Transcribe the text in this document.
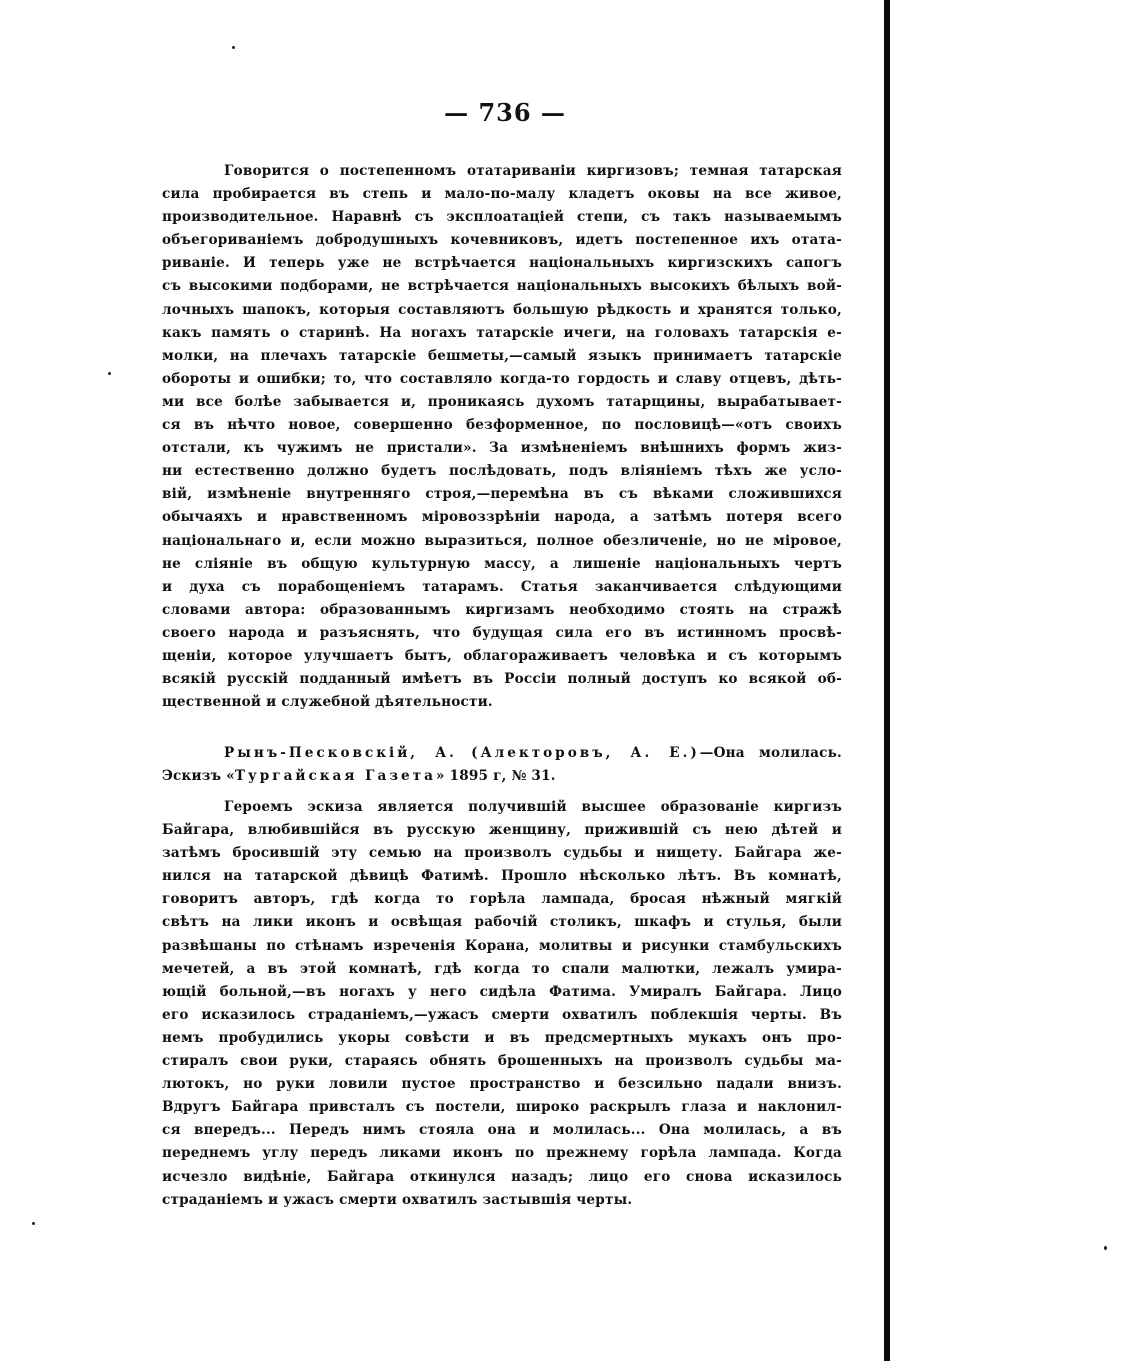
— 736 —
Говорится о постепенномъ отатариванiи киргизовъ; темная татарская
сила пробирается въ степь и мало-по-малу кладетъ оковы на все живое,
производительное. Наравнѣ съ эксплоатацiей степи, съ такъ называемымъ
объегориванiемъ добродушныхъ кочевниковъ, идетъ постепенное ихъ отата-
риванiе. И теперь уже не встрѣчается нацiональныхъ киргизскихъ сапогъ
съ высокими подборами, не встрѣчается нацiональныхъ высокихъ бѣлыхъ вой-
лочныхъ шапокъ, которыя составляютъ большую рѣдкость и хранятся только,
какъ память о старинѣ. На ногахъ татарскiе ичеги, на головахъ татарскiя е-
молки, на плечахъ татарскiе бешметы,—самый языкъ принимаетъ татарскiе
обороты и ошибки; то, что составляло когда-то гордость и славу отцевъ, дѣть-
ми все болѣе забывается и, проникаясь духомъ татарщины, вырабатывает-
ся въ нѣчто новое, совершенно безформенное, по пословицѣ—«отъ своихъ
отстали, къ чужимъ не пристали». За измѣненiемъ внѣшнихъ формъ жиз-
ни естественно должно будетъ послѣдовать, подъ влiянiемъ тѣхъ же усло-
вiй, измѣненiе внутренняго строя,—перемѣна въ съ вѣками сложившихся
обычаяхъ и нравственномъ мiровоззрѣнiи народа, а затѣмъ потеря всего
нацiональнаго и, если можно выразиться, полное обезличенiе, но не мiровое,
не слiянiе въ общую культурную массу, а лишенiе нацiональныхъ чертъ
и духа съ порабощенiемъ татарамъ. Статья заканчивается слѣдующими
словами автора: образованнымъ киргизамъ необходимо стоять на стражѣ
своего народа и разъяснять, что будущая сила его въ истинномъ просвѣ-
щенiи, которое улучшаетъ бытъ, облагораживаетъ человѣка и съ которымъ
всякiй русскiй подданный имѣетъ въ Россiи полный доступъ ко всякой об-
щественной и служебной дѣятельности.
Рынъ-Песковскiй, А. (Алекторовъ, А. Е.)—Она молилась.
Эскизъ «Тургайская Газета» 1895 г, № 31.
Героемъ эскиза является получившiй высшее образованiе киргизъ
Байгара, влюбившiйся въ русскую женщину, прижившiй съ нею дѣтей и
затѣмъ бросившiй эту семью на произволъ судьбы и нищету. Байгара же-
нился на татарской дѣвицѣ Фатимѣ. Прошло нѣсколько лѣтъ. Въ комнатѣ,
говоритъ авторъ, гдѣ когда то горѣла лампада, бросая нѣжный мягкiй
свѣтъ на лики иконъ и освѣщая рабочiй столикъ, шкафъ и стулья, были
развѣшаны по стѣнамъ изреченiя Корана, молитвы и рисунки стамбульскихъ
мечетей, а въ этой комнатѣ, гдѣ когда то спали малютки, лежалъ умира-
ющiй больной,—въ ногахъ у него сидѣла Фатима. Умиралъ Байгара. Лицо
его исказилось страданiемъ,—ужасъ смерти охватилъ поблекшiя черты. Въ
немъ пробудились укоры совѣсти и въ предсмертныхъ мукахъ онъ про-
стиралъ свои руки, стараясь обнять брошенныхъ на произволъ судьбы ма-
лютокъ, но руки ловили пустое пространство и безсильно падали внизъ.
Вдругъ Байгара привсталъ съ постели, широко раскрылъ глаза и наклонил-
ся впередъ... Передъ нимъ стояла она и молилась... Она молилась, а въ
переднемъ углу передъ ликами иконъ по прежнему горѣла лампада. Когда
исчезло видѣнiе, Байгара откинулся назадъ; лицо его снова исказилось
страданiемъ и ужасъ смерти охватилъ застывшiя черты.
